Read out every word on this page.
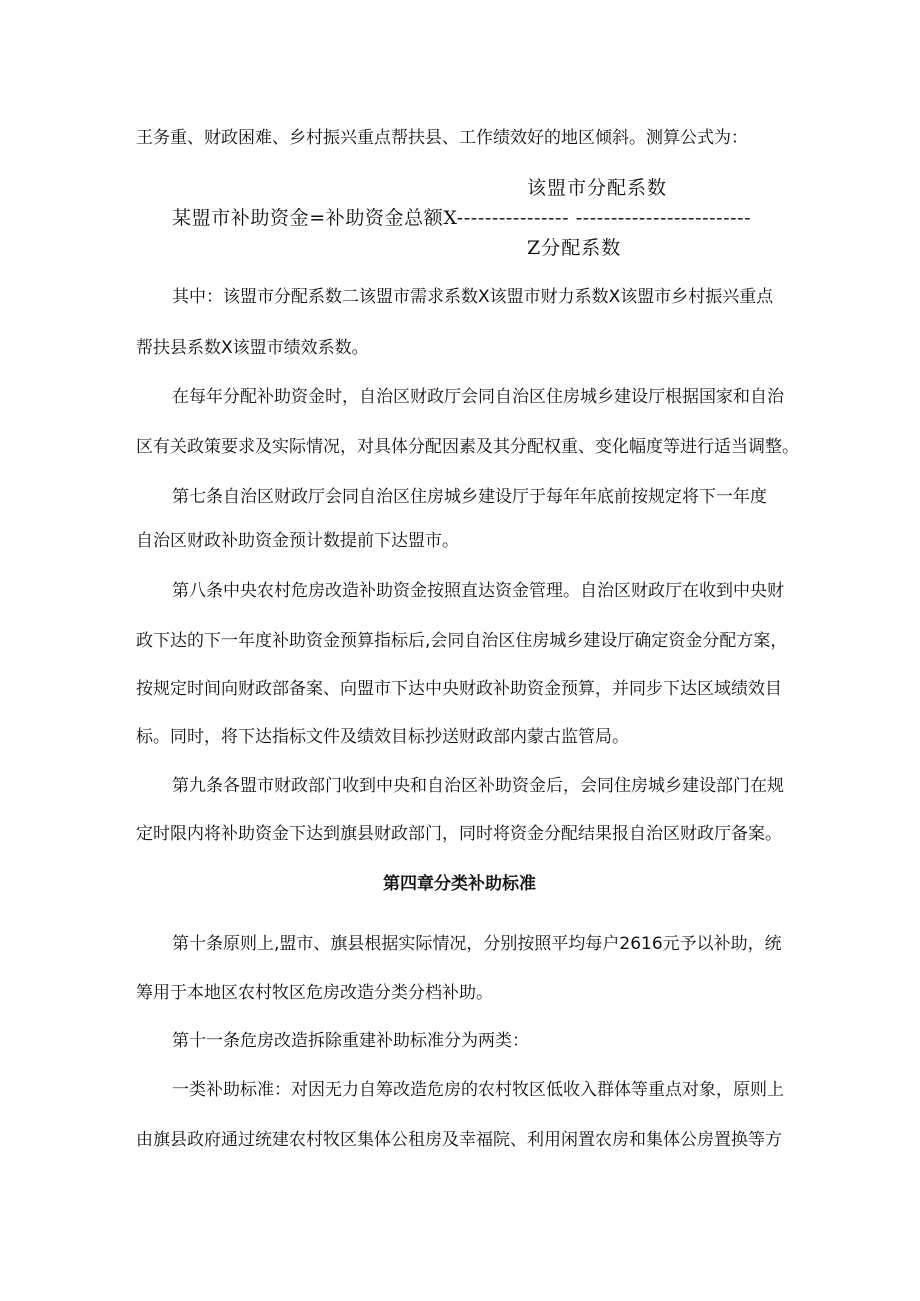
王务重、财政困难、乡村振兴重点帮扶县、工作绩效好的地区倾斜。测算公式为：
该盟市分配系数
某盟市补助资金=补助资金总额X---------------- -------------------------
Z分配系数
其中：该盟市分配系数二该盟市需求系数X该盟市财力系数X该盟市乡村振兴重点
帮扶县系数X该盟市绩效系数。
在每年分配补助资金时，自治区财政厅会同自治区住房城乡建设厅根据国家和自治
区有关政策要求及实际情况，对具体分配因素及其分配权重、变化幅度等进行适当调整。
第七条自治区财政厅会同自治区住房城乡建设厅于每年年底前按规定将下一年度
自治区财政补助资金预计数提前下达盟市。
第八条中央农村危房改造补助资金按照直达资金管理。自治区财政厅在收到中央财
政下达的下一年度补助资金预算指标后,会同自治区住房城乡建设厅确定资金分配方案，
按规定时间向财政部备案、向盟市下达中央财政补助资金预算，并同步下达区域绩效目
标。同时，将下达指标文件及绩效目标抄送财政部内蒙古监管局。
第九条各盟市财政部门收到中央和自治区补助资金后，会同住房城乡建设部门在规
定时限内将补助资金下达到旗县财政部门，同时将资金分配结果报自治区财政厅备案。
第四章分类补助标准
第十条原则上,盟市、旗县根据实际情况，分别按照平均每户2616元予以补助，统
筹用于本地区农村牧区危房改造分类分档补助。
第十一条危房改造拆除重建补助标准分为两类：
一类补助标准：对因无力自筹改造危房的农村牧区低收入群体等重点对象，原则上
由旗县政府通过统建农村牧区集体公租房及幸福院、利用闲置农房和集体公房置换等方
